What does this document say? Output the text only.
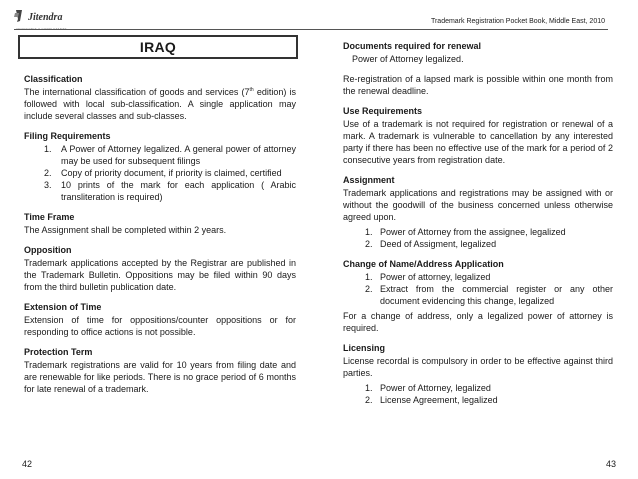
Jitendra
ADVOCATES & CONSULTANTS
Trademark Registration Pocket Book, Middle East, 2010
IRAQ
Classification
The international classification of goods and services (7th edition) is followed with local sub-classification. A single application may include several classes and sub-classes.
Filing Requirements
1. A Power of Attorney legalized. A general power of attorney may be used for subsequent filings
2. Copy of priority document, if priority is claimed, certified
3. 10 prints of the mark for each application ( Arabic transliteration is required)
Time Frame
The Assignment shall be completed within 2 years.
Opposition
Trademark applications accepted by the Registrar are published in the Trademark Bulletin. Oppositions may be filed within 90 days from the third bulletin publication date.
Extension of Time
Extension of time for oppositions/counter oppositions or for responding to office actions is not possible.
Protection Term
Trademark registrations are valid for 10 years from filing date and are renewable for like periods. There is no grace period of 6 months for late renewal of a trademark.
Documents required for renewal
Power of Attorney legalized.
Re-registration of a lapsed mark is possible within one month from the renewal deadline.
Use Requirements
Use of a trademark is not required for registration or renewal of a mark. A trademark is vulnerable to cancellation by any interested party if there has been no effective use of the mark for a period of 2 consecutive years from registration date.
Assignment
Trademark applications and registrations may be assigned with or without the goodwill of the business concerned unless otherwise agreed upon.
1. Power of Attorney from the assignee, legalized
2. Deed of Assigment, legalized
Change of Name/Address Application
1. Power of attorney, legalized
2. Extract from the commercial register or any other document evidencing this change, legalized
For a change of address, only a legalized power of attorney is required.
Licensing
License recordal is compulsory in order to be effective against third parties.
1. Power of Attorney, legalized
2. License Agreement, legalized
42	43
